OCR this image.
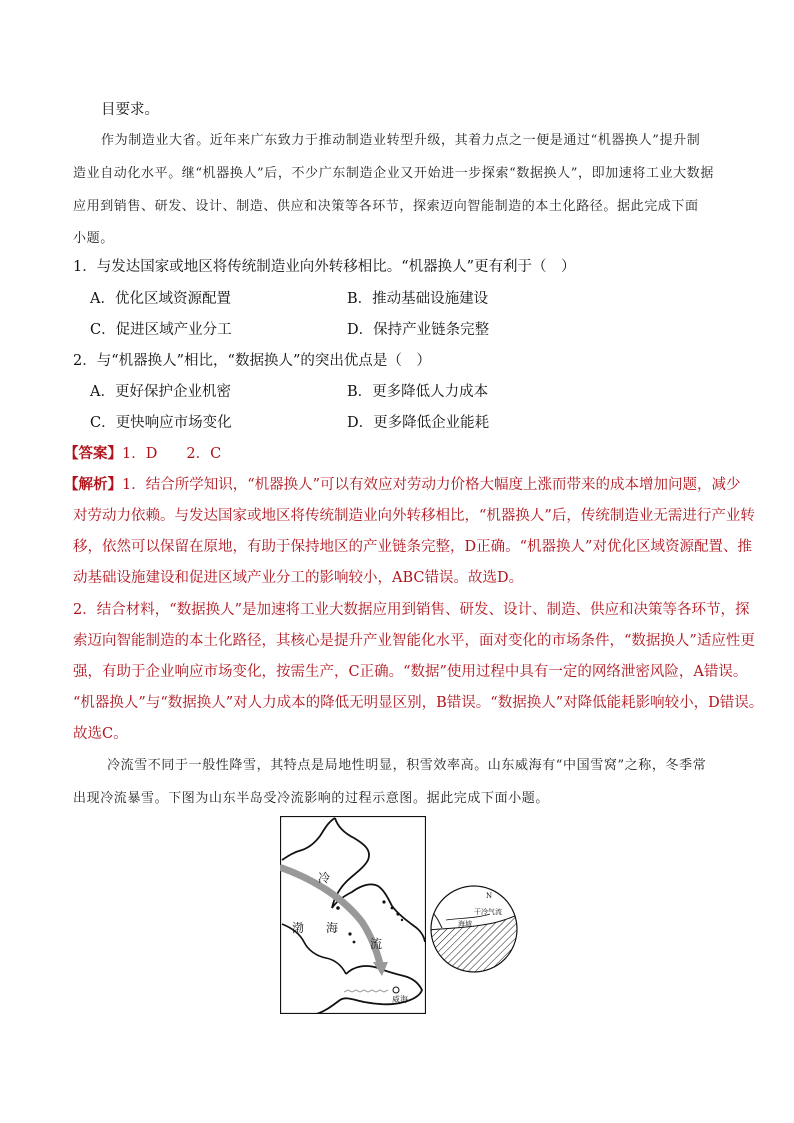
目要求。
作为制造业大省。近年来广东致力于推动制造业转型升级，其着力点之一便是通过“机器换人”提升制
造业自动化水平。继“机器换人”后，不少广东制造企业又开始进一步探索“数据换人”，即加速将工业大数据
应用到销售、研发、设计、制造、供应和决策等各环节，探索迈向智能制造的本土化路径。据此完成下面
小题。
1．与发达国家或地区将传统制造业向外转移相比。“机器换人”更有利于（　）
A．优化区域资源配置	B．推动基础设施建设
C．促进区域产业分工	D．保持产业链条完整
2．与“机器换人”相比，“数据换人”的突出优点是（　）
A．更好保护企业机密	B．更多降低人力成本
C．更快响应市场变化	D．更多降低企业能耗
【答案】1．D　　2．C
【解析】1．结合所学知识，“机器换人”可以有效应对劳动力价格大幅度上涨而带来的成本增加问题，减少
对劳动力依赖。与发达国家或地区将传统制造业向外转移相比，“机器换人”后，传统制造业无需进行产业转
移，依然可以保留在原地，有助于保持地区的产业链条完整，D正确。“机器换人”对优化区域资源配置、推
动基础设施建设和促进区域产业分工的影响较小，ABC错误。故选D。
2．结合材料，“数据换人”是加速将工业大数据应用到销售、研发、设计、制造、供应和决策等各环节，探
索迈向智能制造的本土化路径，其核心是提升产业智能化水平，面对变化的市场条件，“数据换人”适应性更
强，有助于企业响应市场变化，按需生产，C正确。“数据”使用过程中具有一定的网络泄密风险，A错误。
“机器换人”与“数据换人”对人力成本的降低无明显区别，B错误。“数据换人”对降低能耗影响较小，D错误。
故选C。
冷流雪不同于一般性降雪，其特点是局地性明显，积雪效率高。山东威海有“中国雪窝”之称，冬季常
出现冷流暴雪。下图为山东半岛受冷流影响的过程示意图。据此完成下面小题。
冷
流
渤 海
威海
N
干冷气流
海域
